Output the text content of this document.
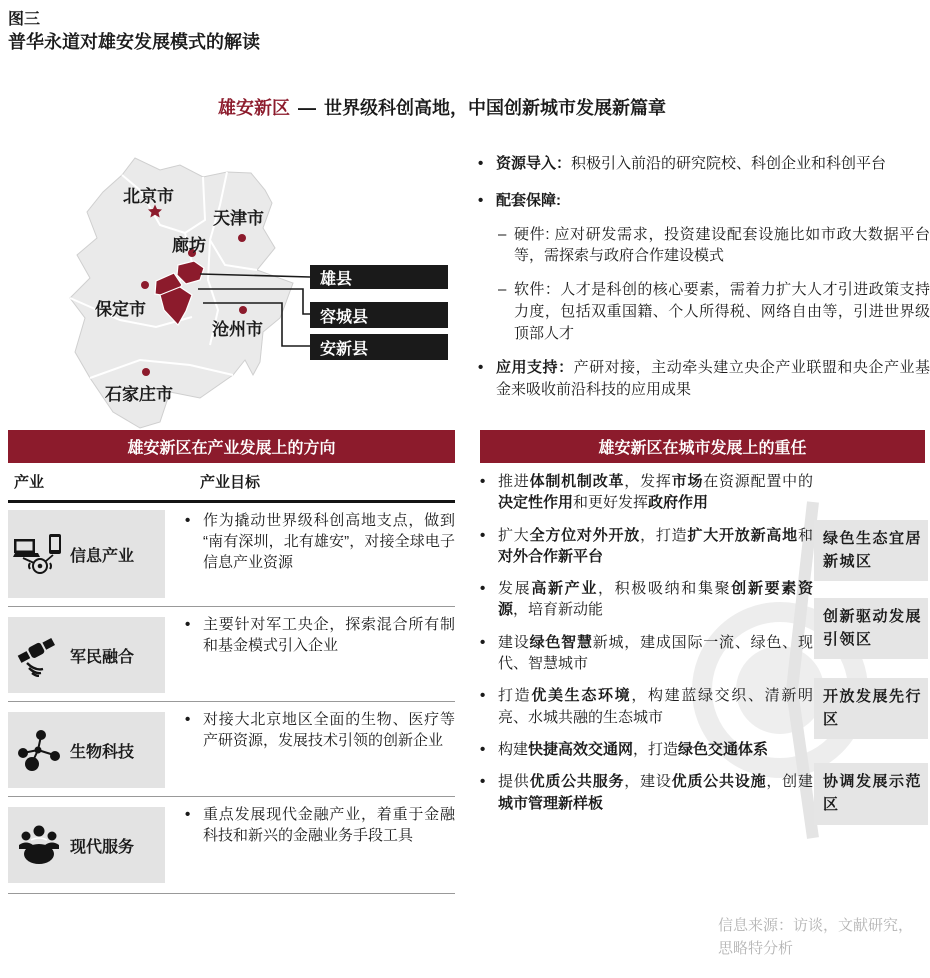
图三
普华永道对雄安发展模式的解读
雄安新区 — 世界级科创高地，中国创新城市发展新篇章
北京市
天津市
廊坊
保定市
沧州市
石家庄市
雄县
容城县
安新县
• 资源导入：积极引入前沿的研究院校、科创企业和科创平台

• 配套保障:

– 硬件: 应对研发需求，投资建设配套设施比如市政大数据平台等，需探索与政府合作建设模式

– 软件：人才是科创的核心要素，需着力扩大人才引进政策支持力度，包括双重国籍、个人所得税、网络自由等，引进世界级顶部人才

• 应用支持：产研对接，主动牵头建立央企产业联盟和央企产业基金来吸收前沿科技的应用成果

雄安新区在产业发展上的方向	雄安新区在城市发展上的重任
产业	产业目标
信息产业
• 作为撬动世界级科创高地支点，做到“南有深圳，北有雄安”，对接全球电子信息产业资源

军民融合
• 主要针对军工央企，探索混合所有制和基金模式引入企业

生物科技
• 对接大北京地区全面的生物、医疗等产研资源，发展技术引领的创新企业

现代服务
• 重点发展现代金融产业，着重于金融科技和新兴的金融业务手段工具

• 推进体制机制改革，发挥市场在资源配置中的决定性作用和更好发挥政府作用

• 扩大全方位对外开放，打造扩大开放新高地和对外合作新平台

• 发展高新产业，积极吸纳和集聚创新要素资源，培育新动能

• 建设绿色智慧新城，建成国际一流、绿色、现代、智慧城市

• 打造优美生态环境，构建蓝绿交织、清新明亮、水城共融的生态城市

• 构建快捷高效交通网，打造绿色交通体系

• 提供优质公共服务，建设优质公共设施，创建城市管理新样板

绿色生态宜居新城区
创新驱动发展引领区
开放发展先行区
协调发展示范区
信息来源：访谈，文献研究，思略特分析
